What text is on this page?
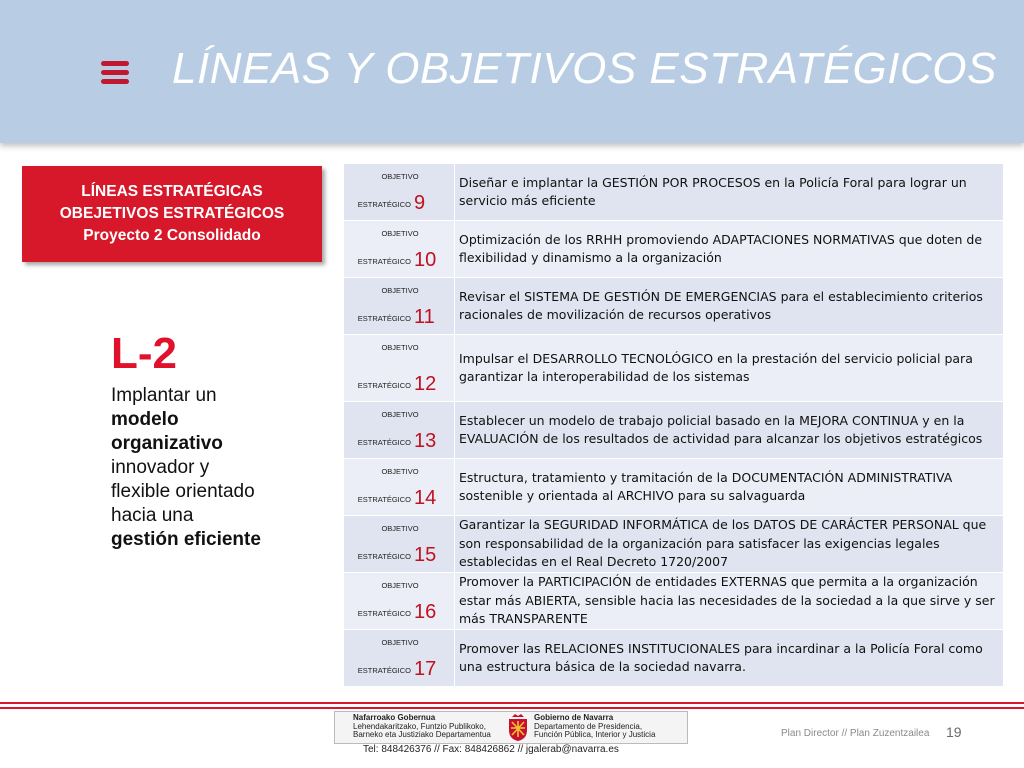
LÍNEAS Y OBJETIVOS ESTRATÉGICOS
LÍNEAS ESTRATÉGICAS
OBEJETIVOS ESTRATÉGICOS
Proyecto 2 Consolidado
L-2
Implantar un modelo organizativo innovador y flexible orientado hacia una gestión eficiente
OBJETIVO
ESTRATÉGICO 9	Diseñar e implantar la GESTIÓN POR PROCESOS en la Policía Foral para lograr un servicio más eficiente

OBJETIVO
ESTRATÉGICO 10	Optimización de los RRHH promoviendo ADAPTACIONES NORMATIVAS que doten de flexibilidad y dinamismo a la organización

OBJETIVO
ESTRATÉGICO 11	Revisar el SISTEMA DE GESTIÓN DE EMERGENCIAS para el establecimiento criterios racionales de movilización de recursos operativos

OBJETIVO
ESTRATÉGICO 12	Impulsar el DESARROLLO TECNOLÓGICO en la prestación del servicio policial para garantizar la interoperabilidad de los sistemas

OBJETIVO
ESTRATÉGICO 13	Establecer un modelo de trabajo policial basado en la MEJORA CONTINUA y en la EVALUACIÓN de los resultados de actividad para alcanzar los objetivos estratégicos

OBJETIVO
ESTRATÉGICO 14	Estructura, tratamiento y tramitación de la DOCUMENTACIÓN ADMINISTRATIVA sostenible y orientada al ARCHIVO para su salvaguarda

OBJETIVO
ESTRATÉGICO 15	Garantizar la SEGURIDAD INFORMÁTICA de los DATOS DE CARÁCTER PERSONAL que son responsabilidad de la organización para satisfacer las exigencias legales establecidas en el Real Decreto 1720/2007

OBJETIVO
ESTRATÉGICO 16	Promover la PARTICIPACIÓN de entidades EXTERNAS que permita a la organización estar más ABIERTA, sensible hacia las necesidades de la sociedad a la que sirve y ser más TRANSPARENTE

OBJETIVO
ESTRATÉGICO 17	Promover las RELACIONES INSTITUCIONALES para incardinar a la Policía Foral como una estructura básica de la sociedad navarra.
Nafarroako Gobernua
Lehendakaritzako, Funtzio Publikoko,
Barneko eta Justiziako Departamentua
Gobierno de Navarra
Departamento de Presidencia,
Función Pública, Interior y Justicia
Tel: 848426376 // Fax: 848426862 // jgalerab@navarra.es
Plan Director // Plan Zuzentzailea 19
